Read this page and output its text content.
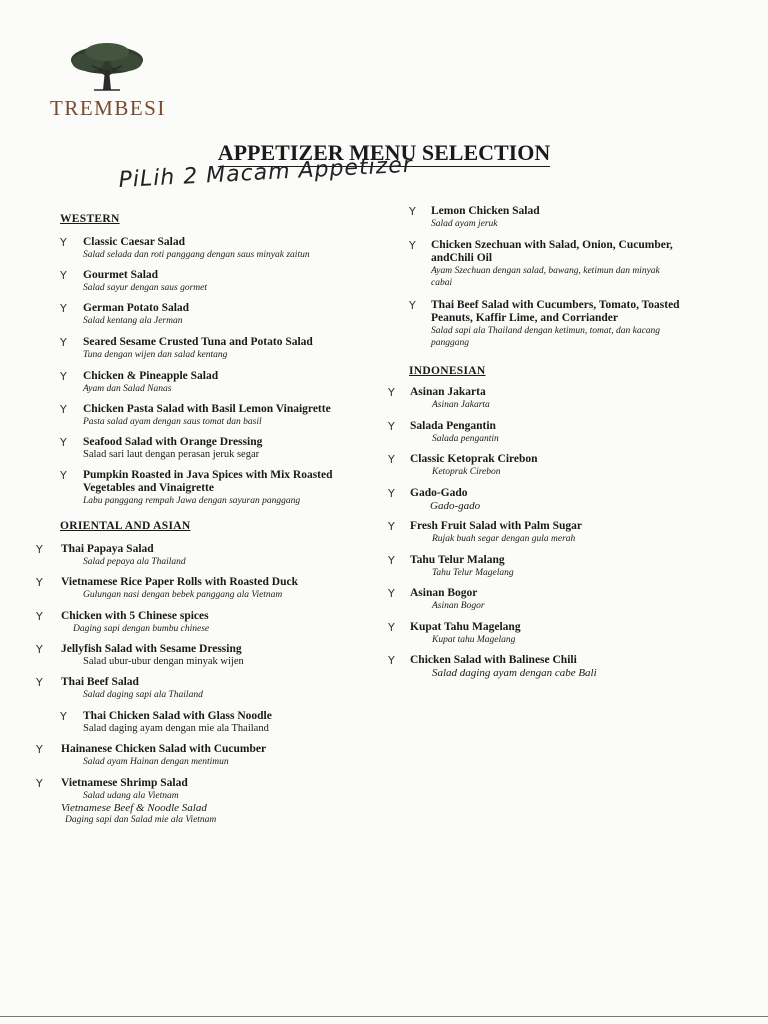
TREMBESI
APPETIZER MENU SELECTION
PiLih 2 Macam Appetizer
WESTERN
Y Classic Caesar Salad
Salad selada dan roti panggang dengan saus minyak zaitun
Y Gourmet Salad
Salad sayur dengan saus gormet
Y German Potato Salad
Salad kentang ala Jerman
Y Seared Sesame Crusted Tuna and Potato Salad
Tuna dengan wijen dan salad kentang
Y Chicken & Pineapple Salad
Ayam dan Salad Nanas
Y Chicken Pasta Salad with Basil Lemon Vinaigrette
Pasta salad ayam dengan saus tomat dan basil
Y Seafood Salad with Orange Dressing
Salad sari laut dengan perasan jeruk segar
Y Pumpkin Roasted in Java Spices with Mix Roasted
Vegetables and Vinaigrette
Labu panggang rempah Jawa dengan sayuran panggang
ORIENTAL AND ASIAN
Y Thai Papaya Salad
Salad pepaya ala Thailand
Y Vietnamese Rice Paper Rolls with Roasted Duck
Gulungan nasi dengan bebek panggang ala Vietnam
Y Chicken with 5 Chinese spices
Daging sapi dengan bumbu chinese
Y Jellyfish Salad with Sesame Dressing
Salad ubur-ubur dengan minyak wijen
Y Thai Beef Salad
Salad daging sapi ala Thailand
Y Thai Chicken Salad with Glass Noodle
Salad daging ayam dengan mie ala Thailand
Y Hainanese Chicken Salad with Cucumber
Salad ayam Hainan dengan mentimun
Y Vietnamese Shrimp Salad
Salad udang ala Vietnam
Vietnamese Beef & Noodle Salad
Daging sapi dan Salad mie ala Vietnam
Y Lemon Chicken Salad
Salad ayam jeruk
Y Chicken Szechuan with Salad, Onion, Cucumber,
andChili Oil
Ayam Szechuan dengan salad, bawang, ketimun dan minyak
cabai
Y Thai Beef Salad with Cucumbers, Tomato, Toasted
Peanuts, Kaffir Lime, and Corriander
Salad sapi ala Thailand dengan ketimun, tomat, dan kacang
panggang
INDONESIAN
Y Asinan Jakarta
Asinan Jakarta
Y Salada Pengantin
Salada pengantin
Y Classic Ketoprak Cirebon
Ketoprak Cirebon
Y Gado-Gado
Gado-gado
Y Fresh Fruit Salad with Palm Sugar
Rujak buah segar dengan gula merah
Y Tahu Telur Malang
Tahu Telur Magelang
Y Asinan Bogor
Asinan Bogor
Y Kupat Tahu Magelang
Kupat tahu Magelang
Y Chicken Salad with Balinese Chili
Salad daging ayam dengan cabe Bali
